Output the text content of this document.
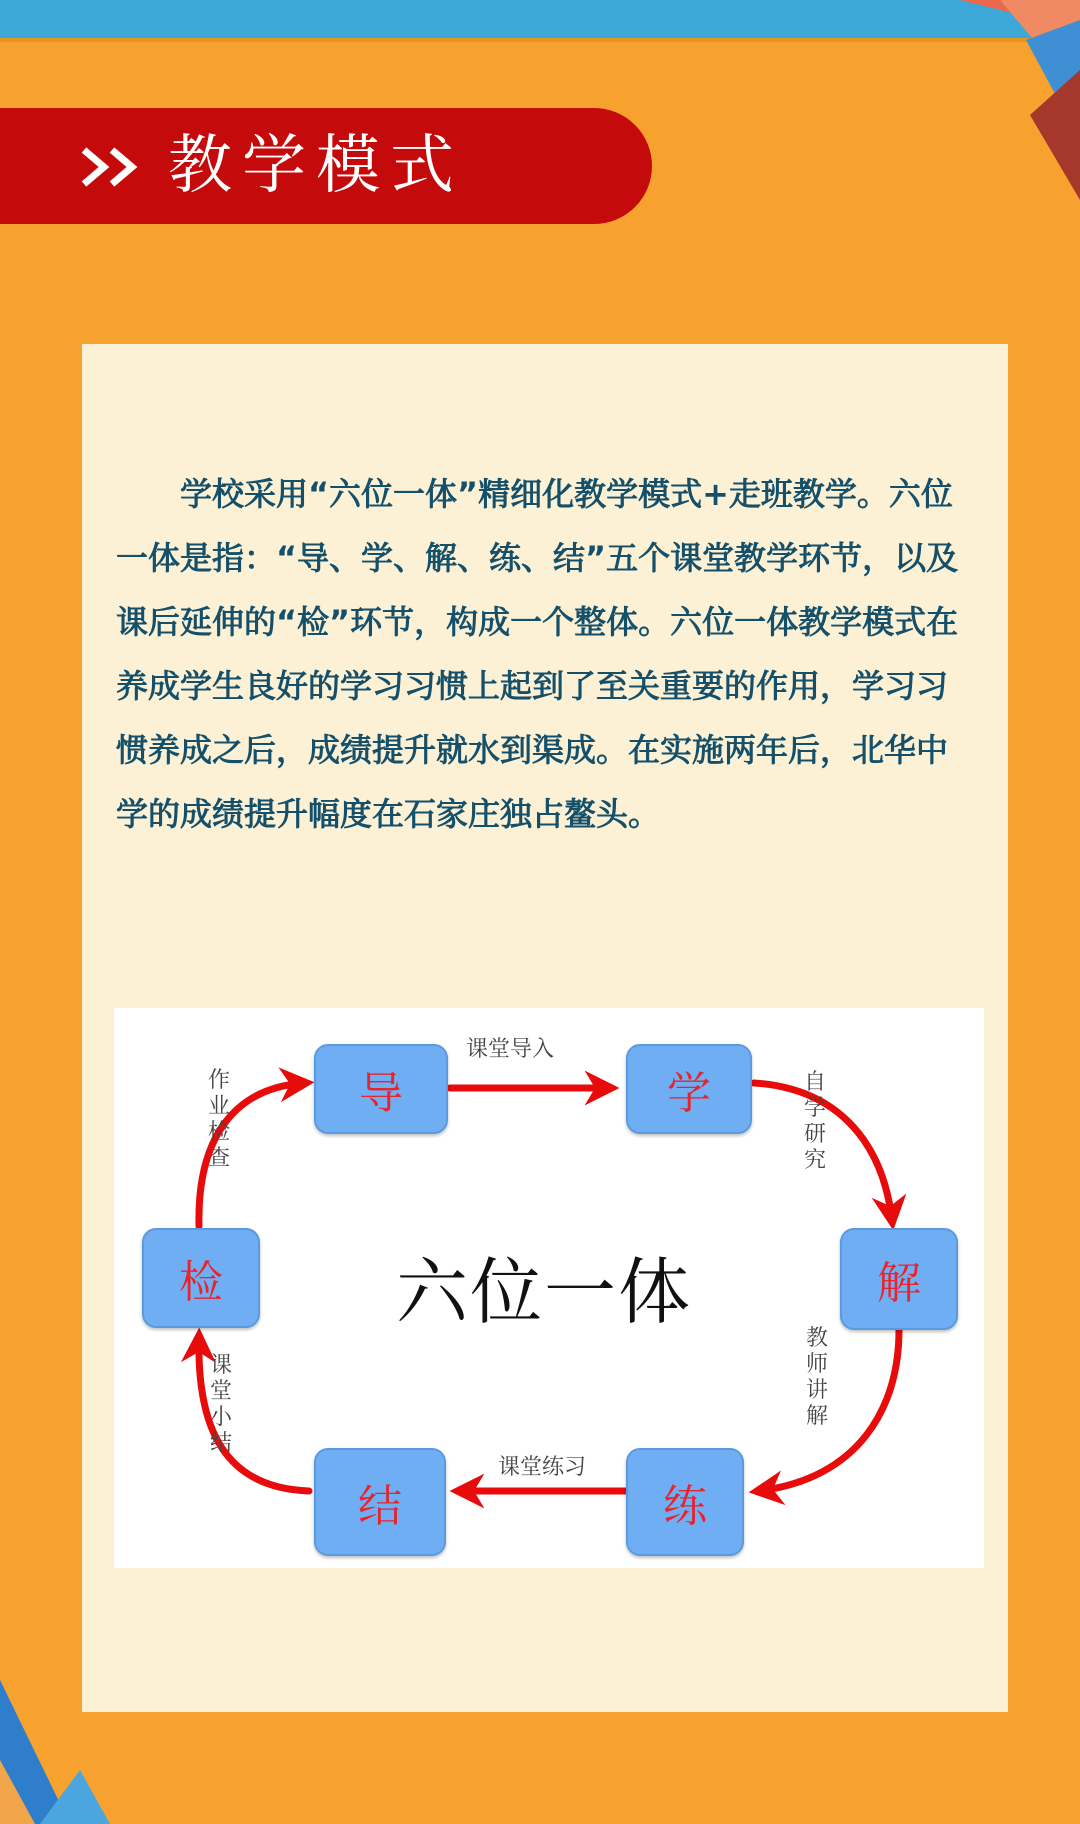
教学模式

学校采用“六位一体”精细化教学模式+走班教学。六位一体是指：“导、学、解、练、结”五个课堂教学环节，以及课后延伸的“检”环节，构成一个整体。六位一体教学模式在养成学生良好的学习习惯上起到了至关重要的作用，学习习惯养成之后，成绩提升就水到渠成。在实施两年后，北华中学的成绩提升幅度在石家庄独占鳌头。

导	学
解
练
结
检	六位一体
课堂导入
自学研究
教师讲解
课堂练习
课堂小结
作业检查
